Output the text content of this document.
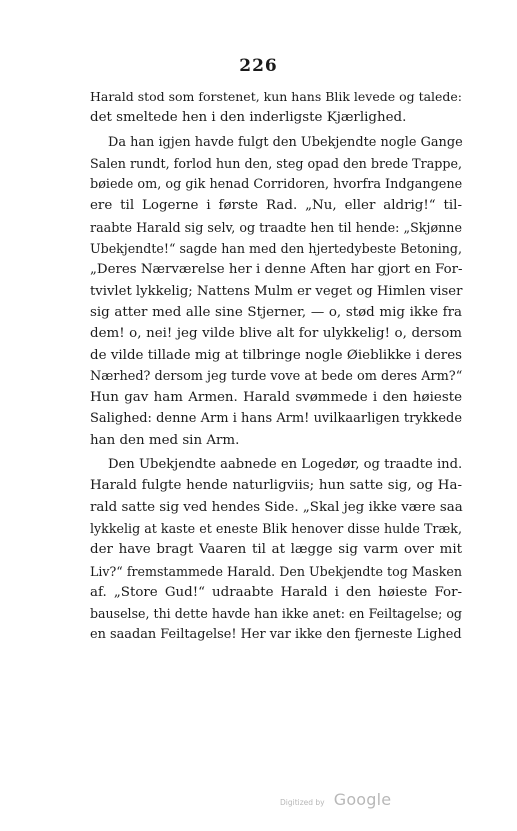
226
Harald stod som forstenet, kun hans Blik levede og talede:
det smeltede hen i den inderligste Kjærlighed.
Da han igjen havde fulgt den Ubekjendte nogle Gange
Salen rundt, forlod hun den, steg opad den brede Trappe,
bøiede om, og gik henad Corridoren, hvorfra Indgangene
ere til Logerne i første Rad. „Nu, eller aldrig!“ til-
raabte Harald sig selv, og traadte hen til hende: „Skjønne
Ubekjendte!“ sagde han med den hjertedybeste Betoning,
„Deres Nærværelse her i denne Aften har gjort en For-
tvivlet lykkelig; Nattens Mulm er veget og Himlen viser
sig atter med alle sine Stjerner, — o, stød mig ikke fra
dem! o, nei! jeg vilde blive alt for ulykkelig! o, dersom
de vilde tillade mig at tilbringe nogle Øieblikke i deres
Nærhed? dersom jeg turde vove at bede om deres Arm?“
Hun gav ham Armen. Harald svømmede i den høieste
Salighed: denne Arm i hans Arm! uvilkaarligen trykkede
han den med sin Arm.
Den Ubekjendte aabnede en Logedør, og traadte ind.
Harald fulgte hende naturligviis; hun satte sig, og Ha-
rald satte sig ved hendes Side. „Skal jeg ikke være saa
lykkelig at kaste et eneste Blik henover disse hulde Træk,
der have bragt Vaaren til at lægge sig varm over mit
Liv?“ fremstammede Harald. Den Ubekjendte tog Masken
af. „Store Gud!“ udraabte Harald i den høieste For-
bauselse, thi dette havde han ikke anet: en Feiltagelse; og
en saadan Feiltagelse! Her var ikke den fjerneste Lighed
Digitized by Google
